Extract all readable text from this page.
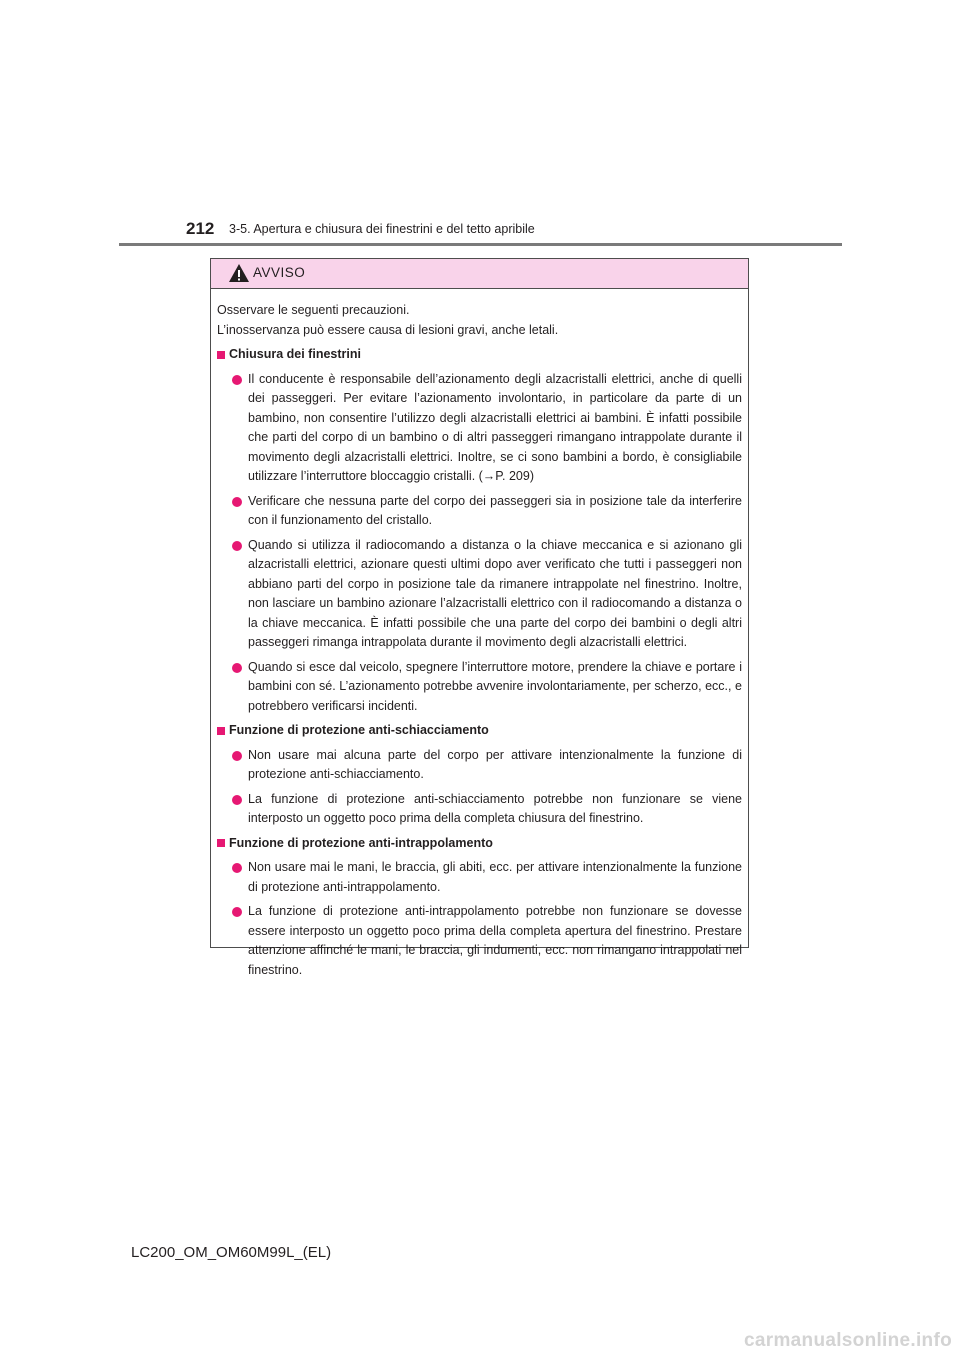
212 3-5. Apertura e chiusura dei finestrini e del tetto apribile
AVVISO

Osservare le seguenti precauzioni.

L’inosservanza può essere causa di lesioni gravi, anche letali.

Chiusura dei finestrini
Il conducente è responsabile dell’azionamento degli alzacristalli elettrici, anche di quelli dei passeggeri. Per evitare l’azionamento involontario, in particolare da parte di un bambino, non consentire l’utilizzo degli alzacristalli elettrici ai bambini. È infatti possibile che parti del corpo di un bambino o di altri passeggeri rimangano intrappolate durante il movimento degli alzacristalli elettrici. Inoltre, se ci sono bambini a bordo, è consigliabile utilizzare l’interruttore bloccaggio cristalli. (→P. 209)
Verificare che nessuna parte del corpo dei passeggeri sia in posizione tale da interferire con il funzionamento del cristallo.
Quando si utilizza il radiocomando a distanza o la chiave meccanica e si azionano gli alzacristalli elettrici, azionare questi ultimi dopo aver verificato che tutti i passeggeri non abbiano parti del corpo in posizione tale da rimanere intrappolate nel finestrino. Inoltre, non lasciare un bambino azionare l’alzacristalli elettrico con il radiocomando a distanza o la chiave meccanica. È infatti possibile che una parte del corpo dei bambini o degli altri passeggeri rimanga intrappolata durante il movimento degli alzacristalli elettrici.
Quando si esce dal veicolo, spegnere l’interruttore motore, prendere la chiave e portare i bambini con sé. L’azionamento potrebbe avvenire involontariamente, per scherzo, ecc., e potrebbero verificarsi incidenti.
Funzione di protezione anti-schiacciamento
Non usare mai alcuna parte del corpo per attivare intenzionalmente la funzione di protezione anti-schiacciamento.
La funzione di protezione anti-schiacciamento potrebbe non funzionare se viene interposto un oggetto poco prima della completa chiusura del finestrino.
Funzione di protezione anti-intrappolamento
Non usare mai le mani, le braccia, gli abiti, ecc. per attivare intenzionalmente la funzione di protezione anti-intrappolamento.
La funzione di protezione anti-intrappolamento potrebbe non funzionare se dovesse essere interposto un oggetto poco prima della completa apertura del finestrino. Prestare attenzione affinché le mani, le braccia, gli indumenti, ecc. non rimangano intrappolati nel finestrino.
LC200_OM_OM60M99L_(EL)
carmanualsonline.info
